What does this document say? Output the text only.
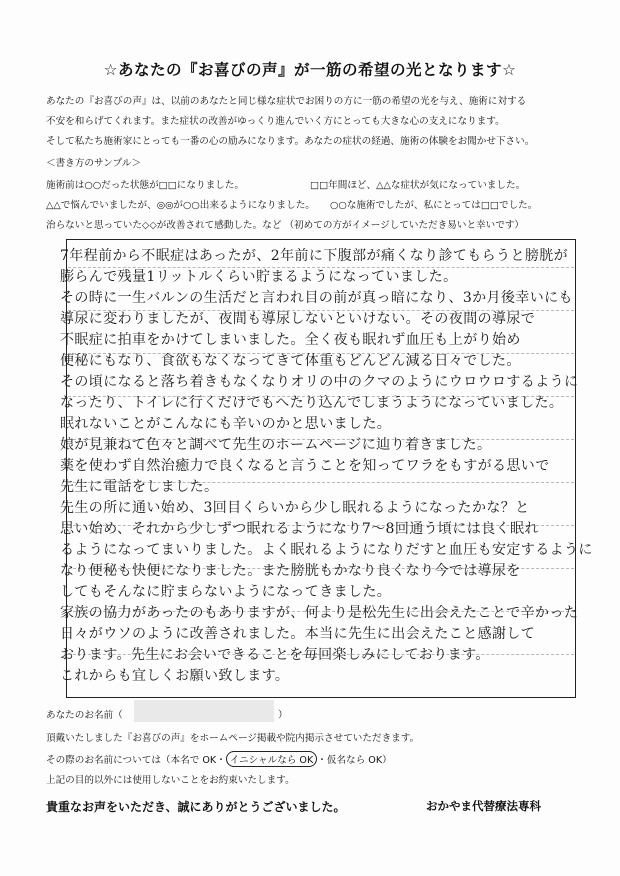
☆あなたの『お喜びの声』が一筋の希望の光となります☆
あなたの『お喜びの声』は、以前のあなたと同じ様な症状でお困りの方に一筋の希望の光を与え、施術に対する
不安を和らげてくれます。また症状の改善がゆっくり進んでいく方にとっても大きな心の支えになります。
そして私たち施術家にとっても一番の心の励みになります。あなたの症状の経過、施術の体験をお聞かせ下さい。
＜書き方のサンプル＞
施術前は○○だった状態が□□になりました。	□□年間ほど、△△な症状が気になっていました。
△△で悩んでいましたが、◎◎が○○出来るようになりました。 ○○な施術でしたが、私にとっては□□でした。
治らないと思っていた◇◇が改善されて感動した。など （初めての方がイメージしていただき易いと幸いです）
7年程前から不眠症はあったが、2年前に下腹部が痛くなり診てもらうと膀胱が
膨らんで残量1リットルくらい貯まるようになっていました。
その時に一生バルンの生活だと言われ目の前が真っ暗になり、3か月後幸いにも
導尿に変わりましたが、夜間も導尿しないといけない。その夜間の導尿で
不眠症に拍車をかけてしまいました。全く夜も眠れず血圧も上がり始め
便秘にもなり、食欲もなくなってきて体重もどんどん減る日々でした。
その頃になると落ち着きもなくなりオリの中のクマのようにウロウロするように
なったり、トイレに行くだけでもへたり込んでしまうようになっていました。
眠れないことがこんなにも辛いのかと思いました。
娘が見兼ねて色々と調べて先生のホームページに辿り着きました。
薬を使わず自然治癒力で良くなると言うことを知ってワラをもすがる思いで
先生に電話をしました。
先生の所に通い始め、3回目くらいから少し眠れるようになったかな？と
思い始め、それから少しずつ眠れるようになり7〜8回通う頃には良く眠れ
るようになってまいりました。よく眠れるようになりだすと血圧も安定するように
なり便秘も快便になりました。また膀胱もかなり良くなり今では導尿を
してもそんなに貯まらないようになってきました。
家族の協力があったのもありますが、何より是松先生に出会えたことで辛かった
日々がウソのように改善されました。本当に先生に出会えたこと感謝して
おります。先生にお会いできることを毎回楽しみにしております。
これからも宜しくお願い致します。
あなたのお名前（	）
頂戴いたしました『お喜びの声』をホームページ掲載や院内掲示させていただきます。
その際のお名前については（本名で OK・ イニシャルなら OK ・仮名なら OK）
上記の目的以外には使用しないことをお約束いたします。
貴重なお声をいただき、誠にありがとうございました。	おかやま代替療法専科
